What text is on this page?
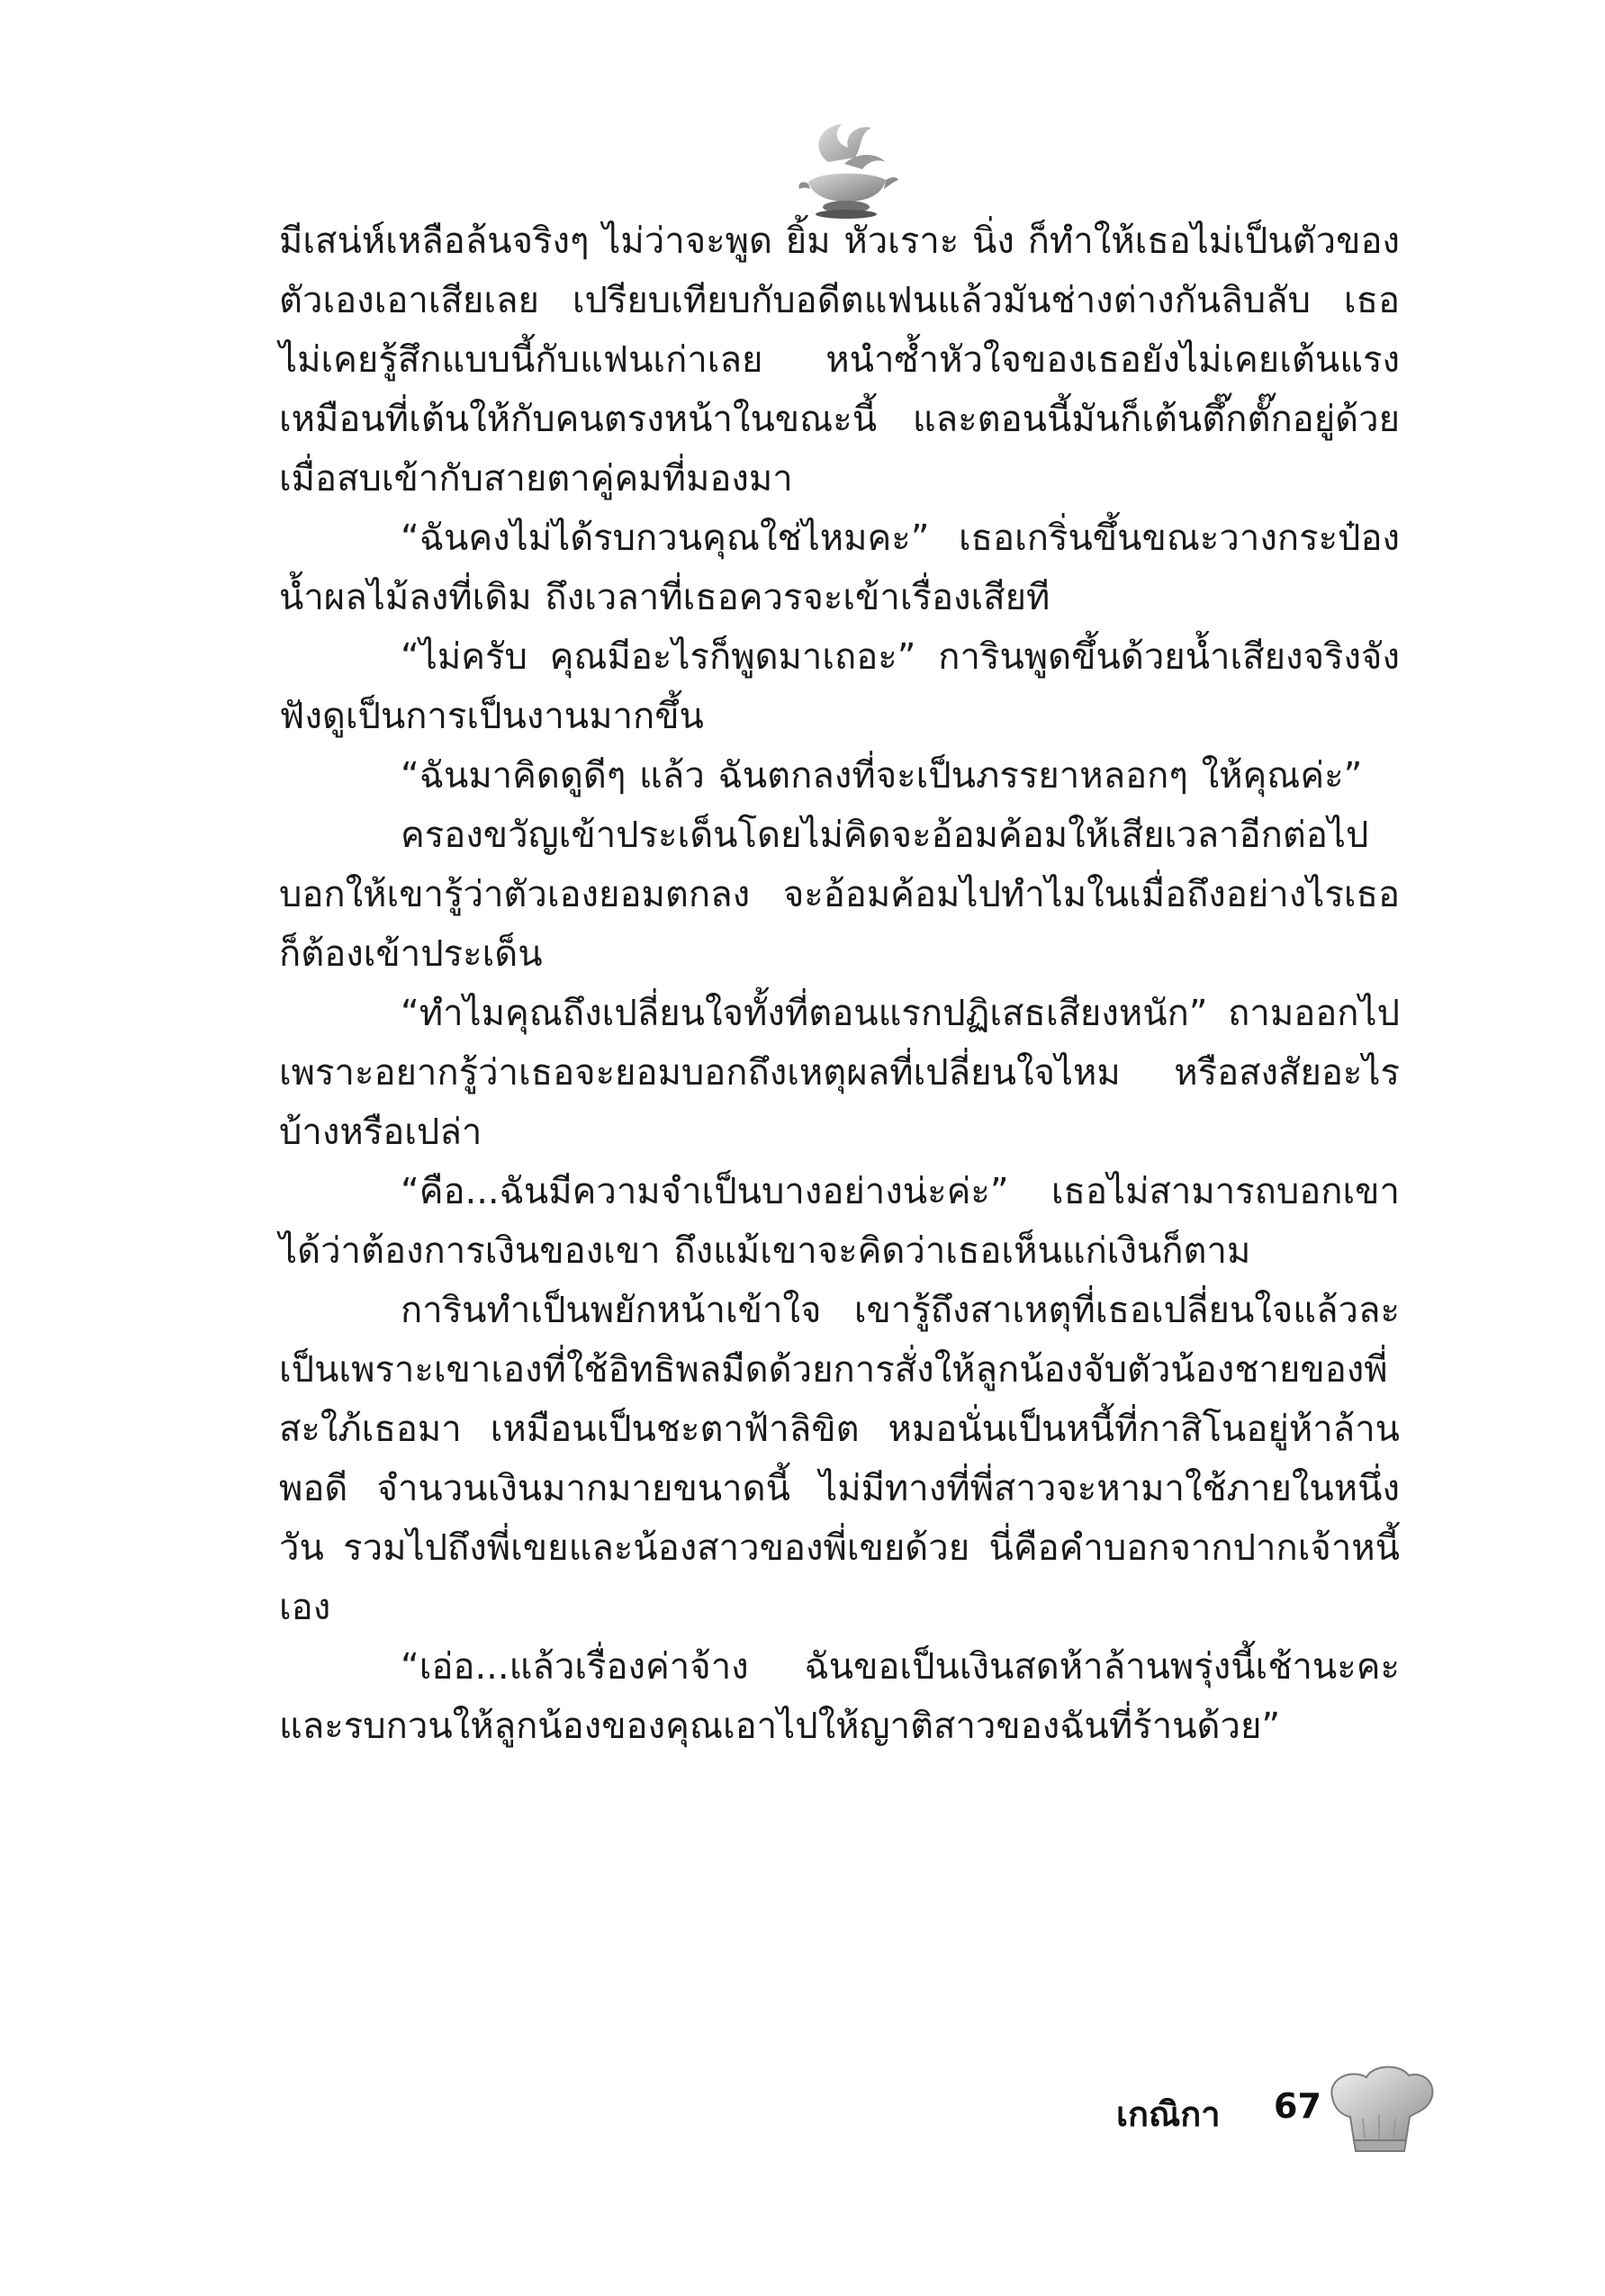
มีเสน่ห์เหลือล้นจริงๆ ไม่ว่าจะพูด ยิ้ม หัวเราะ นิ่ง ก็ทำให้เธอไม่เป็นตัวของตัวเองเอาเสียเลย เปรียบเทียบกับอดีตแฟนแล้วมันช่างต่างกันลิบลับ เธอไม่เคยรู้สึกแบบนี้กับแฟนเก่าเลย หนำซ้ำหัวใจของเธอยังไม่เคยเต้นแรงเหมือนที่เต้นให้กับคนตรงหน้าในขณะนี้ และตอนนี้มันก็เต้นตึ๊กตั๊กอยู่ด้วยเมื่อสบเข้ากับสายตาคู่คมที่มองมา

“ฉันคงไม่ได้รบกวนคุณใช่ไหมคะ” เธอเกริ่นขึ้นขณะวางกระป๋องน้ำผลไม้ลงที่เดิม ถึงเวลาที่เธอควรจะเข้าเรื่องเสียที

“ไม่ครับ คุณมีอะไรก็พูดมาเถอะ” การินพูดขึ้นด้วยน้ำเสียงจริงจังฟังดูเป็นการเป็นงานมากขึ้น

“ฉันมาคิดดูดีๆ แล้ว ฉันตกลงที่จะเป็นภรรยาหลอกๆ ให้คุณค่ะ”

ครองขวัญเข้าประเด็นโดยไม่คิดจะอ้อมค้อมให้เสียเวลาอีกต่อไป บอกให้เขารู้ว่าตัวเองยอมตกลง จะอ้อมค้อมไปทำไมในเมื่อถึงอย่างไรเธอก็ต้องเข้าประเด็น

“ทำไมคุณถึงเปลี่ยนใจทั้งที่ตอนแรกปฏิเสธเสียงหนัก” ถามออกไปเพราะอยากรู้ว่าเธอจะยอมบอกถึงเหตุผลที่เปลี่ยนใจไหม หรือสงสัยอะไรบ้างหรือเปล่า

“คือ...ฉันมีความจำเป็นบางอย่างน่ะค่ะ” เธอไม่สามารถบอกเขาได้ว่าต้องการเงินของเขา ถึงแม้เขาจะคิดว่าเธอเห็นแก่เงินก็ตาม

การินทำเป็นพยักหน้าเข้าใจ เขารู้ถึงสาเหตุที่เธอเปลี่ยนใจแล้วละ เป็นเพราะเขาเองที่ใช้อิทธิพลมืดด้วยการสั่งให้ลูกน้องจับตัวน้องชายของพี่สะใภ้เธอมา เหมือนเป็นชะตาฟ้าลิขิต หมอนั่นเป็นหนี้ที่กาสิโนอยู่ห้าล้านพอดี จำนวนเงินมากมายขนาดนี้ ไม่มีทางที่พี่สาวจะหามาใช้ภายในหนึ่งวัน รวมไปถึงพี่เขยและน้องสาวของพี่เขยด้วย นี่คือคำบอกจากปากเจ้าหนี้เอง

“เอ่อ...แล้วเรื่องค่าจ้าง ฉันขอเป็นเงินสดห้าล้านพรุ่งนี้เช้านะคะ และรบกวนให้ลูกน้องของคุณเอาไปให้ญาติสาวของฉันที่ร้านด้วย”

เกณิกา 67
